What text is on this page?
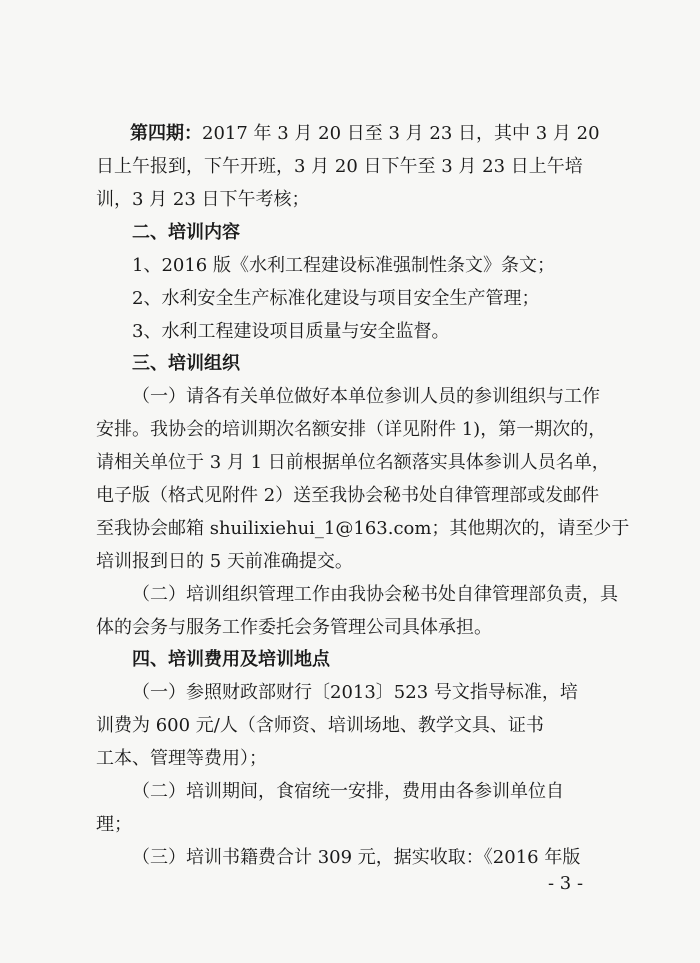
第四期：2017 年 3 月 20 日至 3 月 23 日，其中 3 月 20
日上午报到，下午开班，3 月 20 日下午至 3 月 23 日上午培
训，3 月 23 日下午考核；
二、培训内容
1、2016 版《水利工程建设标准强制性条文》条文；
2、水利安全生产标准化建设与项目安全生产管理；
3、水利工程建设项目质量与安全监督。
三、培训组织
（一）请各有关单位做好本单位参训人员的参训组织与工作
安排。我协会的培训期次名额安排（详见附件 1)，第一期次的，
请相关单位于 3 月 1 日前根据单位名额落实具体参训人员名单，
电子版（格式见附件 2）送至我协会秘书处自律管理部或发邮件
至我协会邮箱 shuilixiehui_1@163.com；其他期次的，请至少于
培训报到日的 5 天前准确提交。
（二）培训组织管理工作由我协会秘书处自律管理部负责，具
体的会务与服务工作委托会务管理公司具体承担。
四、培训费用及培训地点
（一）参照财政部财行〔2013〕523 号文指导标准，培
训费为 600 元/人（含师资、培训场地、教学文具、证书
工本、管理等费用）；
（二）培训期间，食宿统一安排，费用由各参训单位自
理；
（三）培训书籍费合计 309 元，据实收取：《2016 年版
- 3 -
